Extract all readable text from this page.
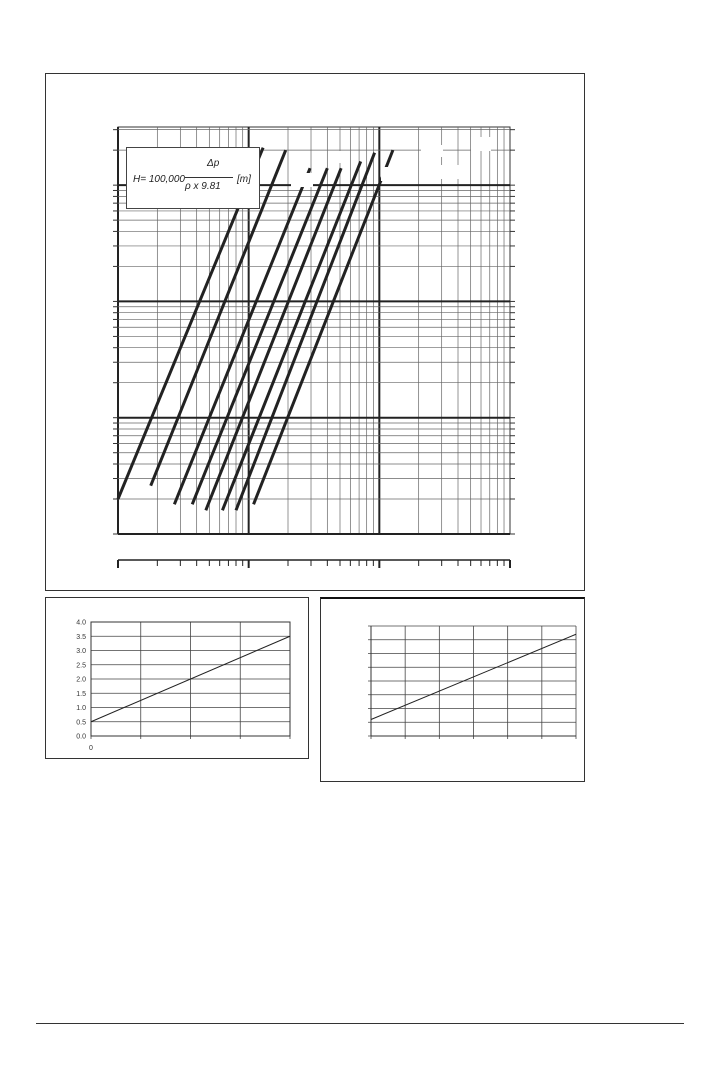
H= 100,000
Δp
ρ x 9.81
[m]
0.0
0.5
1.0
1.5
2.0
2.5
3.0
3.5
4.0
0
